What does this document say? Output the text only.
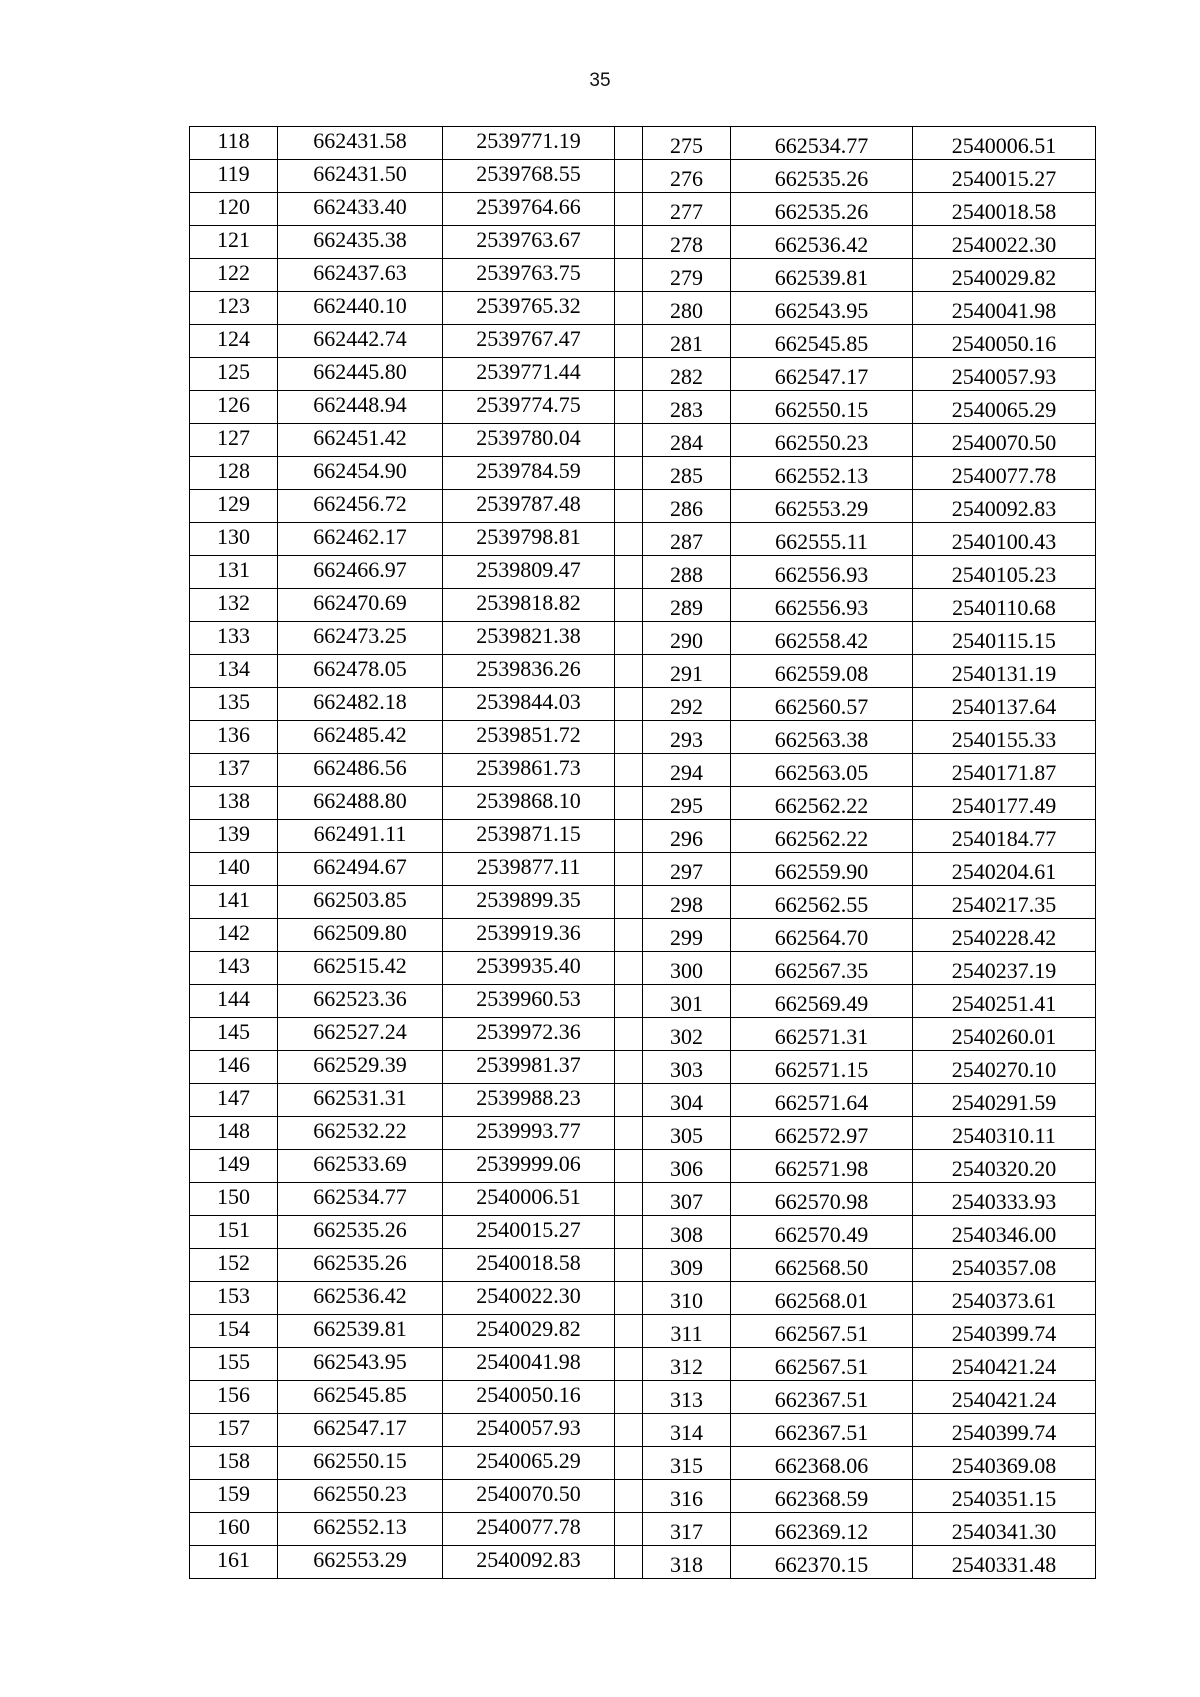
35
118	662431.58	2539771.19	275	662534.77	2540006.51
119	662431.50	2539768.55	276	662535.26	2540015.27
120	662433.40	2539764.66	277	662535.26	2540018.58
121	662435.38	2539763.67	278	662536.42	2540022.30
122	662437.63	2539763.75	279	662539.81	2540029.82
123	662440.10	2539765.32	280	662543.95	2540041.98
124	662442.74	2539767.47	281	662545.85	2540050.16
125	662445.80	2539771.44	282	662547.17	2540057.93
126	662448.94	2539774.75	283	662550.15	2540065.29
127	662451.42	2539780.04	284	662550.23	2540070.50
128	662454.90	2539784.59	285	662552.13	2540077.78
129	662456.72	2539787.48	286	662553.29	2540092.83
130	662462.17	2539798.81	287	662555.11	2540100.43
131	662466.97	2539809.47	288	662556.93	2540105.23
132	662470.69	2539818.82	289	662556.93	2540110.68
133	662473.25	2539821.38	290	662558.42	2540115.15
134	662478.05	2539836.26	291	662559.08	2540131.19
135	662482.18	2539844.03	292	662560.57	2540137.64
136	662485.42	2539851.72	293	662563.38	2540155.33
137	662486.56	2539861.73	294	662563.05	2540171.87
138	662488.80	2539868.10	295	662562.22	2540177.49
139	662491.11	2539871.15	296	662562.22	2540184.77
140	662494.67	2539877.11	297	662559.90	2540204.61
141	662503.85	2539899.35	298	662562.55	2540217.35
142	662509.80	2539919.36	299	662564.70	2540228.42
143	662515.42	2539935.40	300	662567.35	2540237.19
144	662523.36	2539960.53	301	662569.49	2540251.41
145	662527.24	2539972.36	302	662571.31	2540260.01
146	662529.39	2539981.37	303	662571.15	2540270.10
147	662531.31	2539988.23	304	662571.64	2540291.59
148	662532.22	2539993.77	305	662572.97	2540310.11
149	662533.69	2539999.06	306	662571.98	2540320.20
150	662534.77	2540006.51	307	662570.98	2540333.93
151	662535.26	2540015.27	308	662570.49	2540346.00
152	662535.26	2540018.58	309	662568.50	2540357.08
153	662536.42	2540022.30	310	662568.01	2540373.61
154	662539.81	2540029.82	311	662567.51	2540399.74
155	662543.95	2540041.98	312	662567.51	2540421.24
156	662545.85	2540050.16	313	662367.51	2540421.24
157	662547.17	2540057.93	314	662367.51	2540399.74
158	662550.15	2540065.29	315	662368.06	2540369.08
159	662550.23	2540070.50	316	662368.59	2540351.15
160	662552.13	2540077.78	317	662369.12	2540341.30
161	662553.29	2540092.83	318	662370.15	2540331.48
